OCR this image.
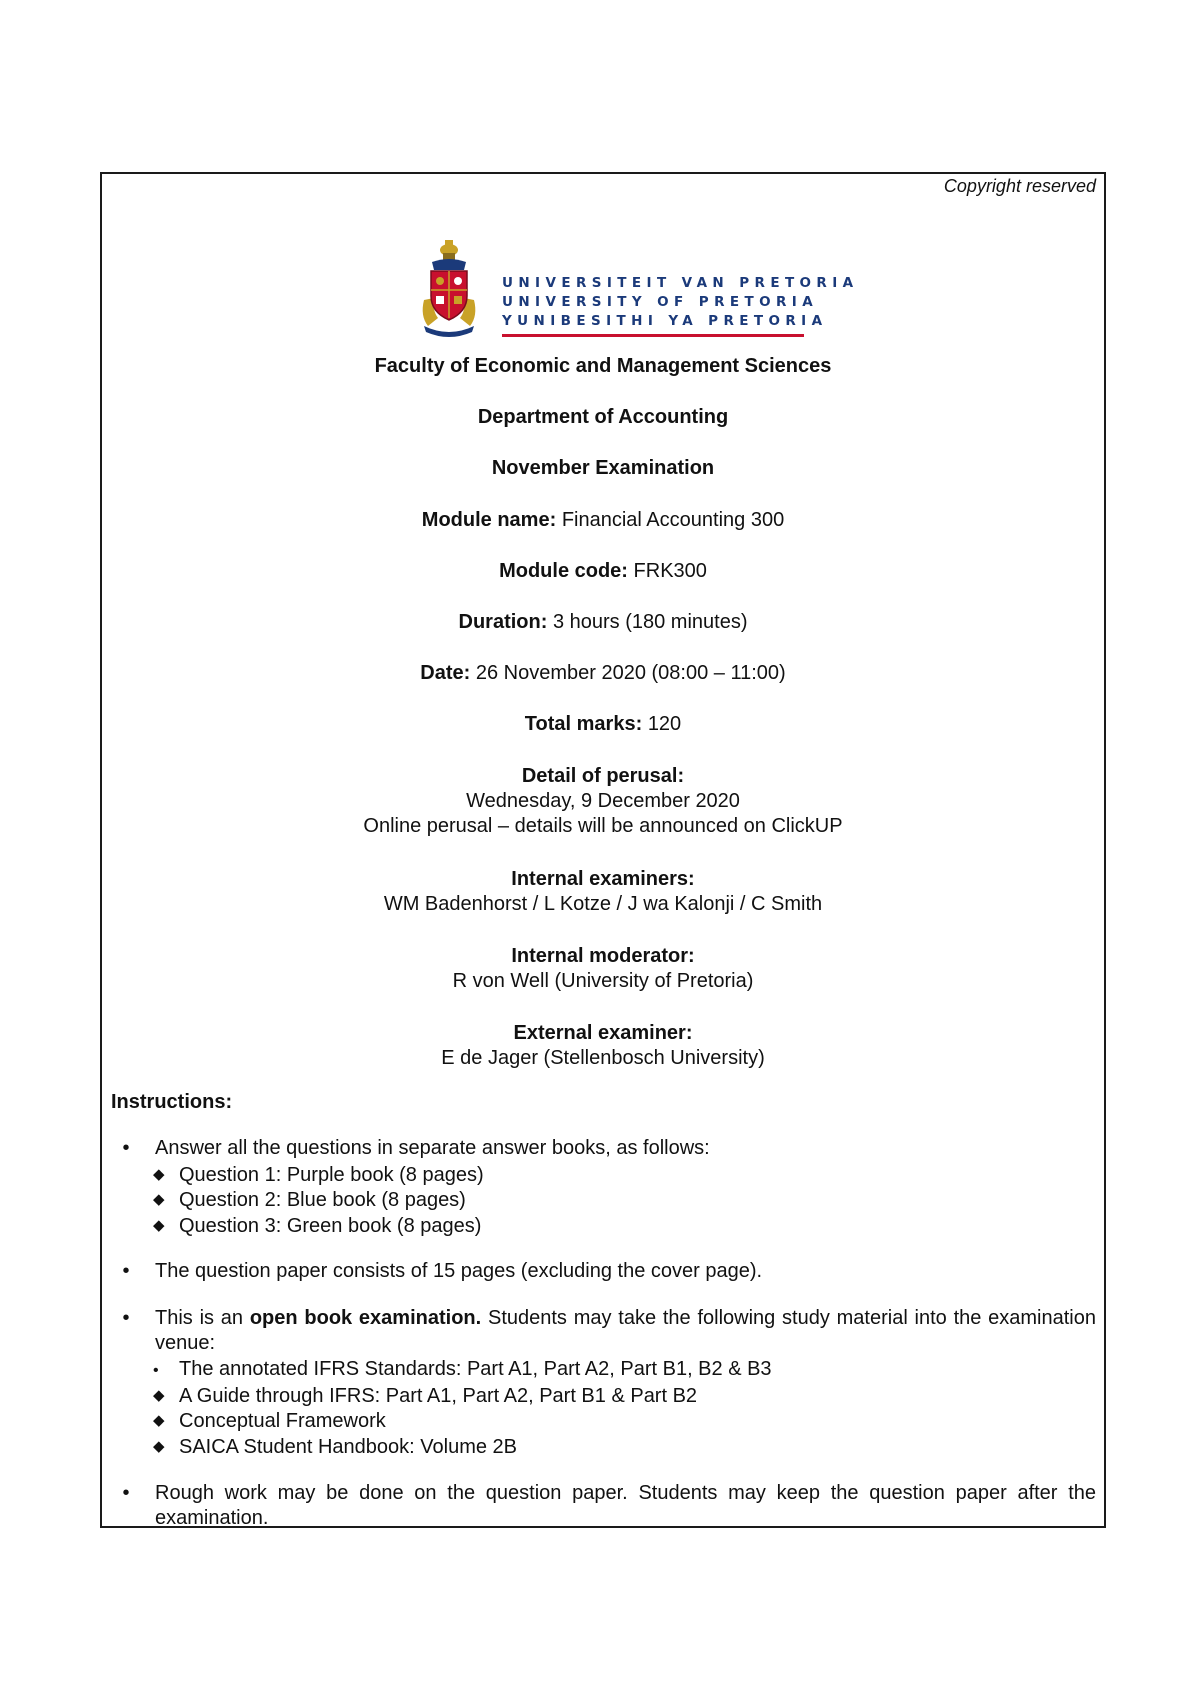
Copyright reserved
UNIVERSITEIT VAN PRETORIA
UNIVERSITY OF PRETORIA
YUNIBESITHI YA PRETORIA
Faculty of Economic and Management Sciences
Department of Accounting
November Examination
Module name: Financial Accounting 300
Module code: FRK300
Duration: 3 hours (180 minutes)
Date: 26 November 2020 (08:00 – 11:00)
Total marks: 120
Detail of perusal:
Wednesday, 9 December 2020
Online perusal – details will be announced on ClickUP
Internal examiners:
WM Badenhorst / L Kotze / J wa Kalonji / C Smith
Internal moderator:
R von Well (University of Pretoria)
External examiner:
E de Jager (Stellenbosch University)
Instructions:
•	Answer all the questions in separate answer books, as follows:
◆ Question 1: Purple book (8 pages)
◆ Question 2: Blue book (8 pages)
◆ Question 3: Green book (8 pages)
•	The question paper consists of 15 pages (excluding the cover page).
•	This is an open book examination. Students may take the following study material into the examination venue:
• The annotated IFRS Standards: Part A1, Part A2, Part B1, B2 & B3
◆ A Guide through IFRS: Part A1, Part A2, Part B1 & Part B2
◆ Conceptual Framework
◆ SAICA Student Handbook: Volume 2B
•	Rough work may be done on the question paper. Students may keep the question paper after the examination.
